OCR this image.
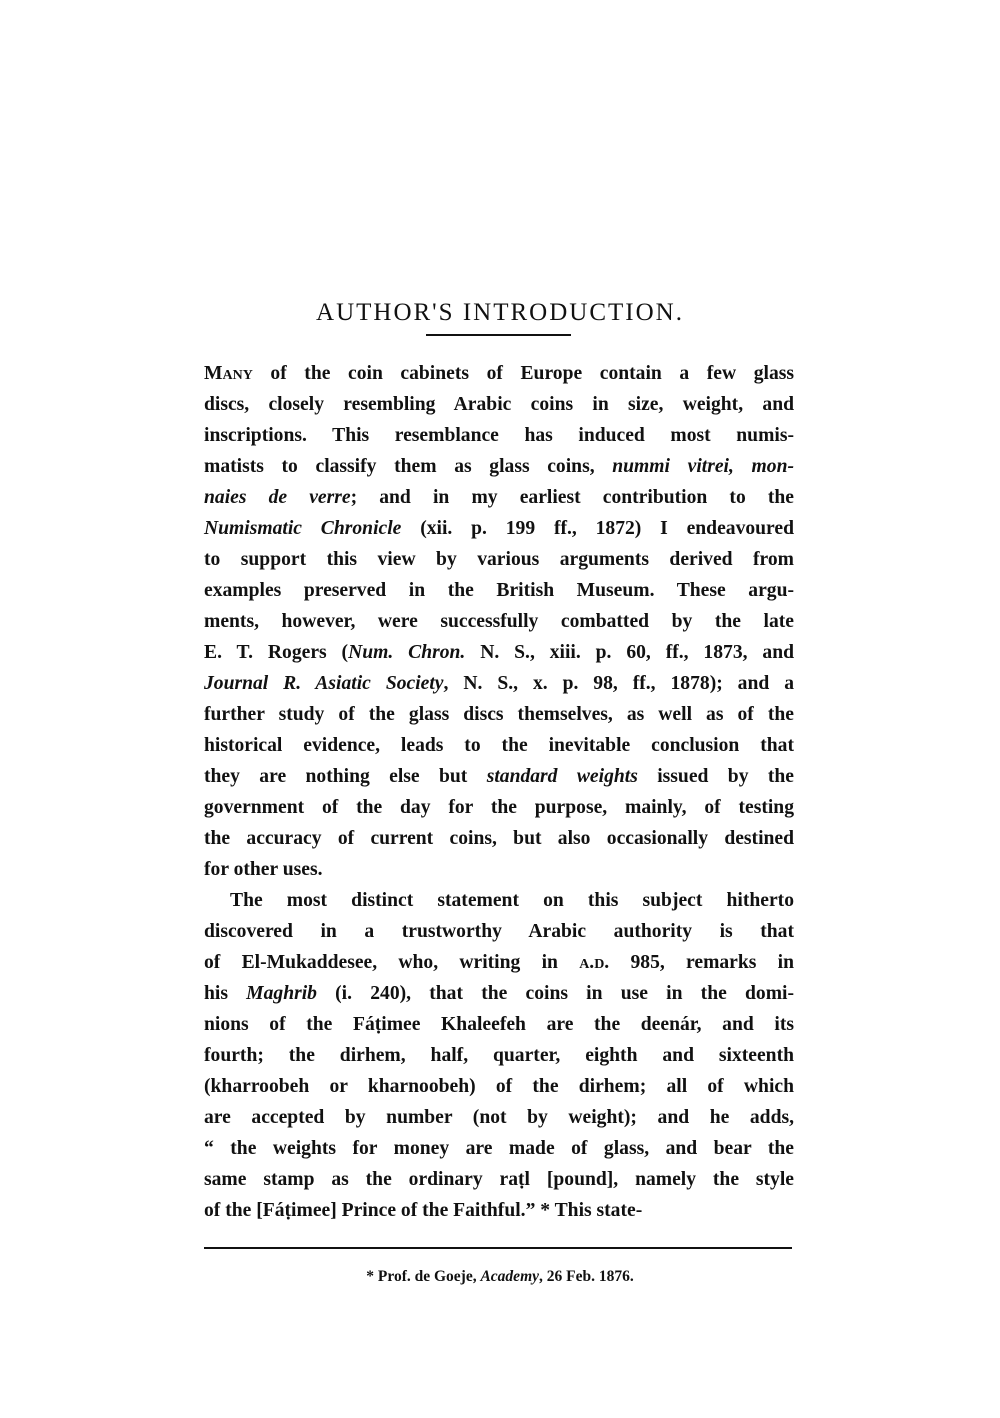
AUTHOR'S INTRODUCTION.
Many of the coin cabinets of Europe contain a few glass
discs, closely resembling Arabic coins in size, weight, and
inscriptions. This resemblance has induced most numis-
matists to classify them as glass coins, nummi vitrei, mon-
naies de verre; and in my earliest contribution to the
Numismatic Chronicle (xii. p. 199 ff., 1872) I endeavoured
to support this view by various arguments derived from
examples preserved in the British Museum. These argu-
ments, however, were successfully combatted by the late
E. T. Rogers (Num. Chron. N. S., xiii. p. 60, ff., 1873, and
Journal R. Asiatic Society, N. S., x. p. 98, ff., 1878); and a
further study of the glass discs themselves, as well as of the
historical evidence, leads to the inevitable conclusion that
they are nothing else but standard weights issued by the
government of the day for the purpose, mainly, of testing
the accuracy of current coins, but also occasionally destined
for other uses.
The most distinct statement on this subject hitherto
discovered in a trustworthy Arabic authority is that
of El-Mukaddesee, who, writing in a.d. 985, remarks in
his Maghrib (i. 240), that the coins in use in the domi-
nions of the Fáṭimee Khaleefeh are the deenár, and its
fourth; the dirhem, half, quarter, eighth and sixteenth
(kharroobeh or kharnoobeh) of the dirhem; all of which
are accepted by number (not by weight); and he adds,
“ the weights for money are made of glass, and bear the
same stamp as the ordinary raṭl [pound], namely the style
of the [Fáṭimee] Prince of the Faithful.” * This state-
* Prof. de Goeje, Academy, 26 Feb. 1876.
